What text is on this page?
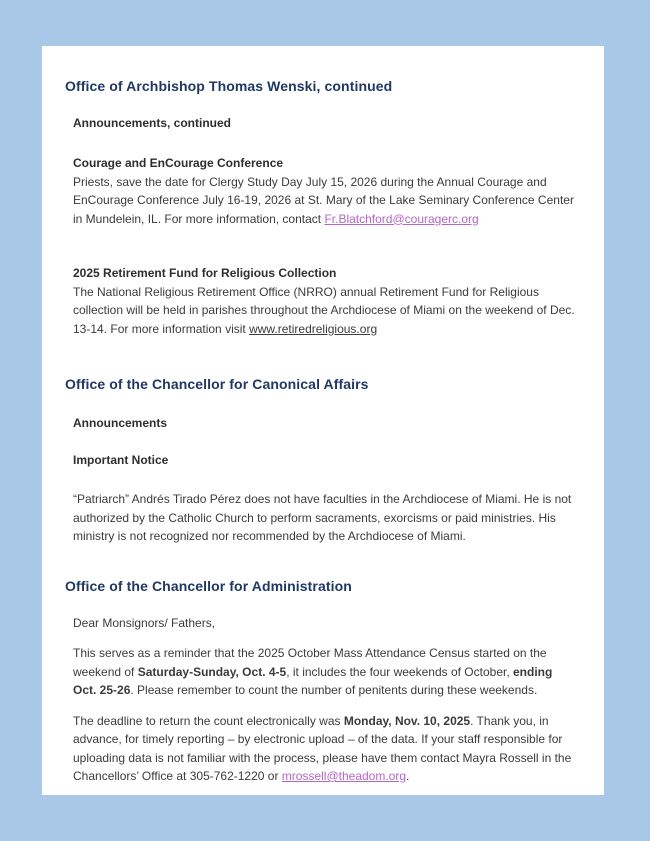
Office of Archbishop Thomas Wenski, continued
Announcements, continued
Courage and EnCourage Conference

Priests, save the date for Clergy Study Day July 15, 2026 during the Annual Courage and EnCourage Conference July 16-19, 2026 at St. Mary of the Lake Seminary Conference Center in Mundelein, IL. For more information, contact Fr.Blatchford@couragerc.org

2025 Retirement Fund for Religious Collection

The National Religious Retirement Office (NRRO) annual Retirement Fund for Religious collection will be held in parishes throughout the Archdiocese of Miami on the weekend of Dec. 13-14. For more information visit www.retiredreligious.org

Office of the Chancellor for Canonical Affairs
Announcements
Important Notice

“Patriarch” Andrés Tirado Pérez does not have faculties in the Archdiocese of Miami. He is not authorized by the Catholic Church to perform sacraments, exorcisms or paid ministries. His ministry is not recognized nor recommended by the Archdiocese of Miami.

Office of the Chancellor for Administration

Dear Monsignors/ Fathers,

This serves as a reminder that the 2025 October Mass Attendance Census started on the weekend of Saturday-Sunday, Oct. 4-5, it includes the four weekends of October, ending Oct. 25-26. Please remember to count the number of penitents during these weekends.

The deadline to return the count electronically was Monday, Nov. 10, 2025. Thank you, in advance, for timely reporting – by electronic upload – of the data. If your staff responsible for uploading data is not familiar with the process, please have them contact Mayra Rossell in the Chancellors’ Office at 305-762-1220 or mrossell@theadom.org.
